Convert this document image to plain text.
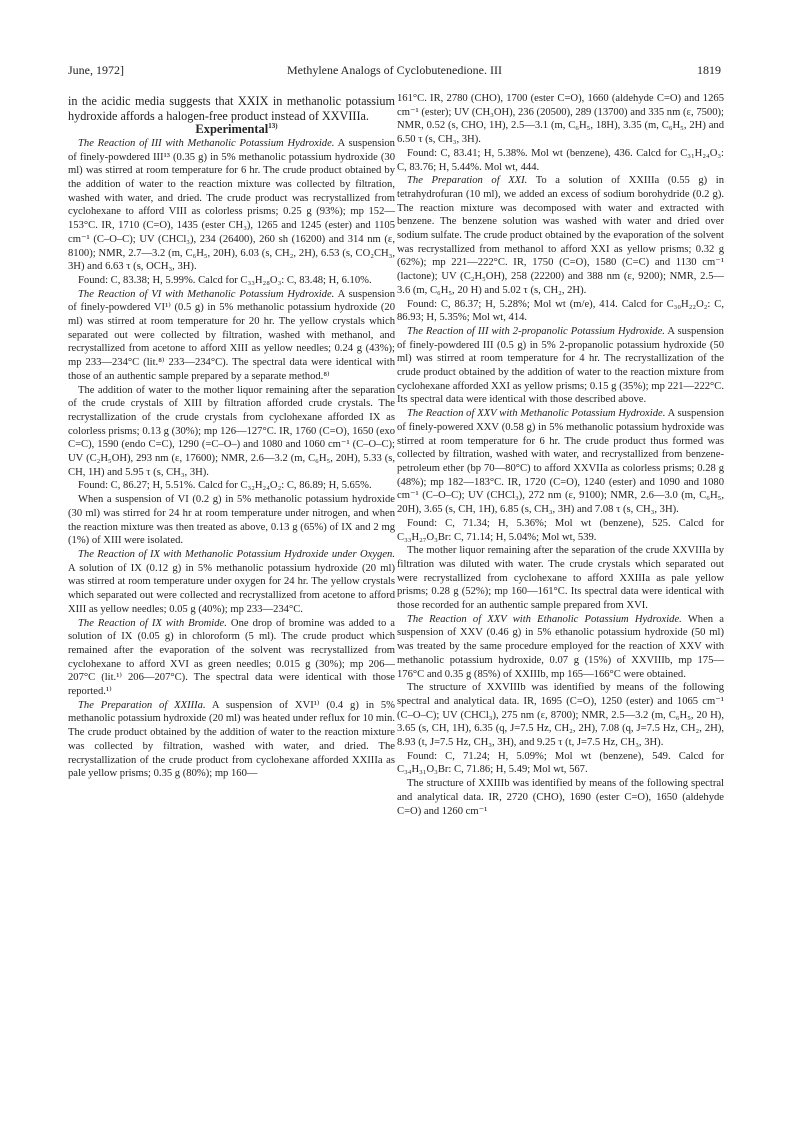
June, 1972]	Methylene Analogs of Cyclobutenedione. III	1819

in the acidic media suggests that XXIX in methanolic potassium hydroxide affords a halogen-free product instead of XXVIIIa.

Experimental$^{13)}$

The Reaction of III with Methanolic Potassium Hydroxide. A suspension of finely-powdered III¹³ (0.35 g) in 5% methanolic potassium hydroxide (30 ml) was stirred at room temperature for 6 hr. The crude product obtained by the addition of water to the reaction mixture was collected by filtration, washed with water, and dried. The crude product was recrystallized from cyclohexane to afford VIII as colorless prisms; 0.25 g (93%); mp 152—153°C. IR, 1710 (C=O), 1435 (ester CH₃), 1265 and 1245 (ester) and 1105 cm⁻¹ (C–O–C); UV (CHCl₃), 234 (26400), 260 sh (16200) and 314 nm (ε, 8100); NMR, 2.7—3.2 (m, C₆H₅, 20H), 6.03 (s, CH₂, 2H), 6.53 (s, CO₂CH₃, 3H) and 6.63 τ (s, OCH₃, 3H).

Found: C, 83.38; H, 5.99%. Calcd for C₃₃H₂₈O₃: C, 83.48; H, 6.10%.

The Reaction of VI with Methanolic Potassium Hydroxide. A suspension of finely-powdered VI¹⁾ (0.5 g) in 5% methanolic potassium hydroxide (20 ml) was stirred at room temperature for 20 hr. The yellow crystals which separated out were collected by filtration, washed with methanol, and recrystallized from acetone to afford XIII as yellow needles; 0.24 g (43%); mp 233—234°C (lit.⁸⁾ 233—234°C). The spectral data were identical with those of an authentic sample prepared by a separate method.⁸⁾

The addition of water to the mother liquor remaining after the separation of the crude crystals of XIII by filtration afforded crude crystals. The recrystallization of the crude crystals from cyclohexane afforded IX as colorless prisms; 0.13 g (30%); mp 126—127°C. IR, 1760 (C=O), 1650 (exo C=C), 1590 (endo C=C), 1290 (=C–O–) and 1080 and 1060 cm⁻¹ (C–O–C); UV (C₂H₅OH), 293 nm (ε, 17600); NMR, 2.6—3.2 (m, C₆H₅, 20H), 5.33 (s, CH, 1H) and 5.95 τ (s, CH₃, 3H).

Found: C, 86.27; H, 5.51%. Calcd for C₃₂H₂₄O₂: C, 86.89; H, 5.65%.

When a suspension of VI (0.2 g) in 5% methanolic potassium hydroxide (30 ml) was stirred for 24 hr at room temperature under nitrogen, and when the reaction mixture was then treated as above, 0.13 g (65%) of IX and 2 mg (1%) of XIII were isolated.

The Reaction of IX with Methanolic Potassium Hydroxide under Oxygen. A solution of IX (0.12 g) in 5% methanolic potassium hydroxide (20 ml) was stirred at room temperature under oxygen for 24 hr. The yellow crystals which separated out were collected and recrystallized from acetone to afford XIII as yellow needles; 0.05 g (40%); mp 233—234°C.

The Reaction of IX with Bromide. One drop of bromine was added to a solution of IX (0.05 g) in chloroform (5 ml). The crude product which remained after the evaporation of the solvent was recrystallized from cyclohexane to afford XVI as green needles; 0.015 g (30%); mp 206—207°C (lit.¹⁾ 206—207°C). The spectral data were identical with those reported.¹⁾

The Preparation of XXIIIa. A suspension of XVI¹⁾ (0.4 g) in 5% methanolic potassium hydroxide (20 ml) was heated under reflux for 10 min. The crude product obtained by the addition of water to the reaction mixture was collected by filtration, washed with water, and dried. The recrystallization of the crude product from cyclohexane afforded XXIIIa as pale yellow prisms; 0.35 g (80%); mp 160—

161°C. IR, 2780 (CHO), 1700 (ester C=O), 1660 (aldehyde C=O) and 1265 cm⁻¹ (ester); UV (CH₃OH), 236 (20500), 289 (13700) and 335 nm (ε, 7500); NMR, 0.52 (s, CHO, 1H), 2.5—3.1 (m, C₆H₅, 18H), 3.35 (m, C₆H₅, 2H) and 6.50 τ (s, CH₃, 3H).

Found: C, 83.41; H, 5.38%. Mol wt (benzene), 436. Calcd for C₃₁H₂₄O₃: C, 83.76; H, 5.44%. Mol wt, 444.

The Preparation of XXI. To a solution of XXIIIa (0.55 g) in tetrahydrofuran (10 ml), we added an excess of sodium borohydride (0.2 g). The reaction mixture was decomposed with water and extracted with benzene. The benzene solution was washed with water and dried over sodium sulfate. The crude product obtained by the evaporation of the solvent was recrystallized from methanol to afford XXI as yellow prisms; 0.32 g (62%); mp 221—222°C. IR, 1750 (C=O), 1580 (C=C) and 1130 cm⁻¹ (lactone); UV (C₂H₅OH), 258 (22200) and 388 nm (ε, 9200); NMR, 2.5—3.6 (m, C₆H₅, 20 H) and 5.02 τ (s, CH₂, 2H).

Found: C, 86.37; H, 5.28%; Mol wt (m/e), 414. Calcd for C₃₀H₂₂O₂: C, 86.93; H, 5.35%; Mol wt, 414.

The Reaction of III with 2-propanolic Potassium Hydroxide. A suspension of finely-powdered III (0.5 g) in 5% 2-propanolic potassium hydroxide (50 ml) was stirred at room temperature for 4 hr. The recrystallization of the crude product obtained by the addition of water to the reaction mixture from cyclohexane afforded XXI as yellow prisms; 0.15 g (35%); mp 221—222°C. Its spectral data were identical with those described above.

The Reaction of XXV with Methanolic Potassium Hydroxide. A suspension of finely-powered XXV (0.58 g) in 5% methanolic potassium hydroxide was stirred at room temperature for 6 hr. The crude product thus formed was collected by filtration, washed with water, and recrystallized from benzene-petroleum ether (bp 70—80°C) to afford XXVIIa as colorless prisms; 0.28 g (48%); mp 182—183°C. IR, 1720 (C=O), 1240 (ester) and 1090 and 1080 cm⁻¹ (C–O–C); UV (CHCl₃), 272 nm (ε, 9100); NMR, 2.6—3.0 (m, C₆H₅, 20H), 3.65 (s, CH, 1H), 6.85 (s, CH₃, 3H) and 7.08 τ (s, CH₃, 3H).

Found: C, 71.34; H, 5.36%; Mol wt (benzene), 525. Calcd for C₃₃H₂₇O₃Br: C, 71.14; H, 5.04%; Mol wt, 539.

The mother liquor remaining after the separation of the crude XXVIIIa by filtration was diluted with water. The crude crystals which separated out were recrystallized from cyclohexane to afford XXIIIa as pale yellow prisms; 0.28 g (52%); mp 160—161°C. Its spectral data were identical with those recorded for an authentic sample prepared from XVI.

The Reaction of XXV with Ethanolic Potassium Hydroxide. When a suspension of XXV (0.46 g) in 5% ethanolic potassium hydroxide (50 ml) was treated by the same procedure employed for the reaction of XXV with methanolic potassium hydroxide, 0.07 g (15%) of XXVIIIb, mp 175—176°C and 0.35 g (85%) of XXIIIb, mp 165—166°C were obtained.

The structure of XXVIIIb was identified by means of the following spectral and analytical data. IR, 1695 (C=O), 1250 (ester) and 1065 cm⁻¹ (C–O–C); UV (CHCl₃), 275 nm (ε, 8700); NMR, 2.5—3.2 (m, C₆H₅, 20 H), 3.65 (s, CH, 1H), 6.35 (q, J=7.5 Hz, CH₂, 2H), 7.08 (q, J=7.5 Hz, CH₂, 2H), 8.93 (t, J=7.5 Hz, CH₃, 3H), and 9.25 τ (t, J=7.5 Hz, CH₃, 3H).

Found: C, 71.24; H, 5.09%; Mol wt (benzene), 549. Calcd for C₃₄H₃₁O₃Br: C, 71.86; H, 5.49; Mol wt, 567.

The structure of XXIIIb was identified by means of the following spectral and analytical data. IR, 2720 (CHO), 1690 (ester C=O), 1650 (aldehyde C=O) and 1260 cm⁻¹
